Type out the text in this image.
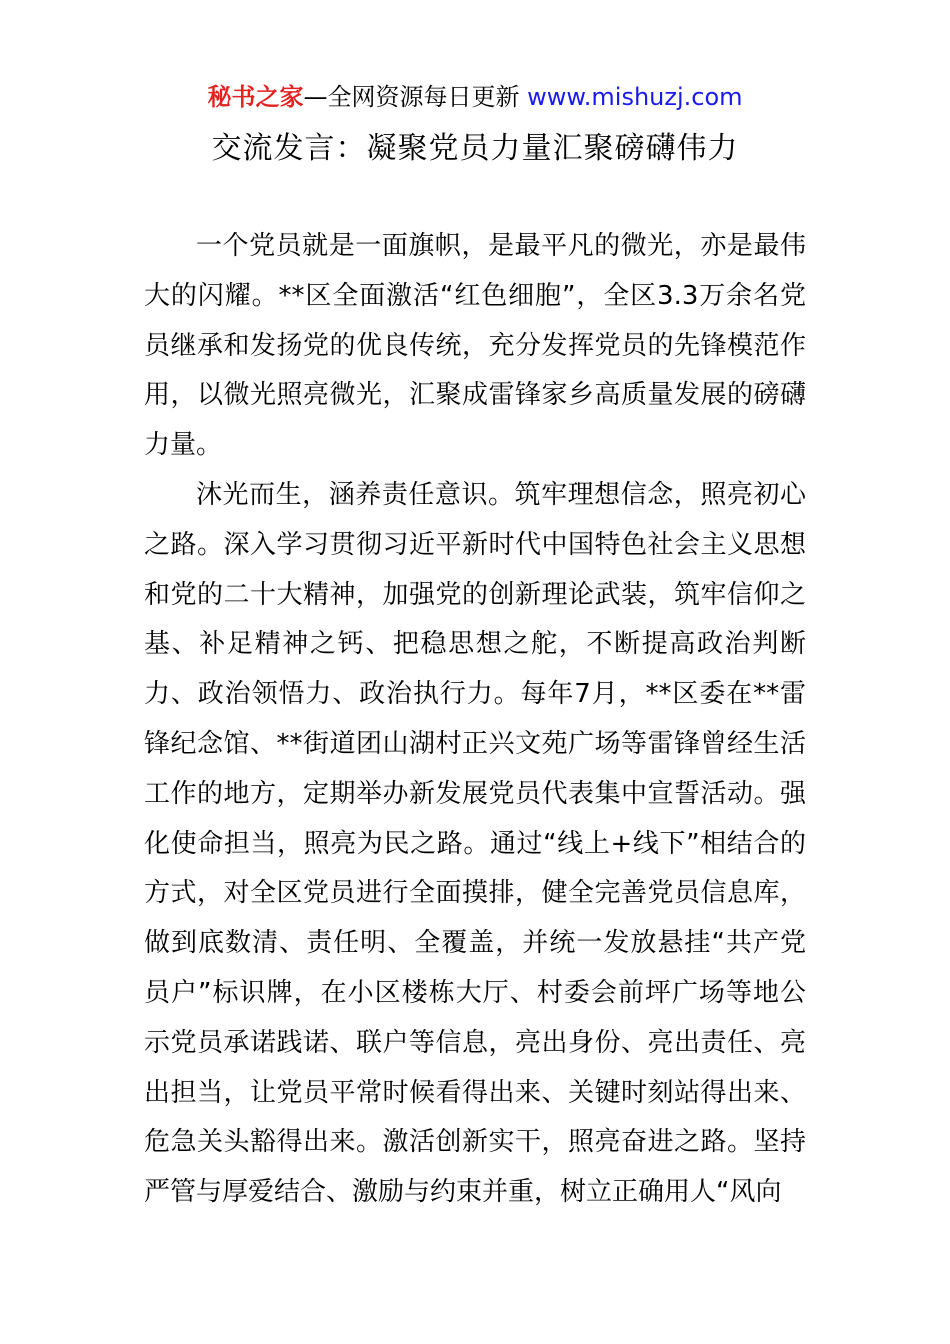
秘书之家—全网资源每日更新 www.mishuzj.com
交流发言：凝聚党员力量汇聚磅礴伟力

一个党员就是一面旗帜，是最平凡的微光，亦是最伟大的闪耀。**区全面激活“红色细胞”，全区3.3万余名党员继承和发扬党的优良传统，充分发挥党员的先锋模范作用，以微光照亮微光，汇聚成雷锋家乡高质量发展的磅礴力量。

沐光而生，涵养责任意识。筑牢理想信念，照亮初心之路。深入学习贯彻习近平新时代中国特色社会主义思想和党的二十大精神，加强党的创新理论武装，筑牢信仰之基、补足精神之钙、把稳思想之舵，不断提高政治判断力、政治领悟力、政治执行力。每年7月，**区委在**雷锋纪念馆、**街道团山湖村正兴文苑广场等雷锋曾经生活工作的地方，定期举办新发展党员代表集中宣誓活动。强化使命担当，照亮为民之路。通过“线上+线下”相结合的方式，对全区党员进行全面摸排，健全完善党员信息库，做到底数清、责任明、全覆盖，并统一发放悬挂“共产党员户”标识牌，在小区楼栋大厅、村委会前坪广场等地公示党员承诺践诺、联户等信息，亮出身份、亮出责任、亮出担当，让党员平常时候看得出来、关键时刻站得出来、危急关头豁得出来。激活创新实干，照亮奋进之路。坚持严管与厚爱结合、激励与约束并重，树立正确用人“风向
